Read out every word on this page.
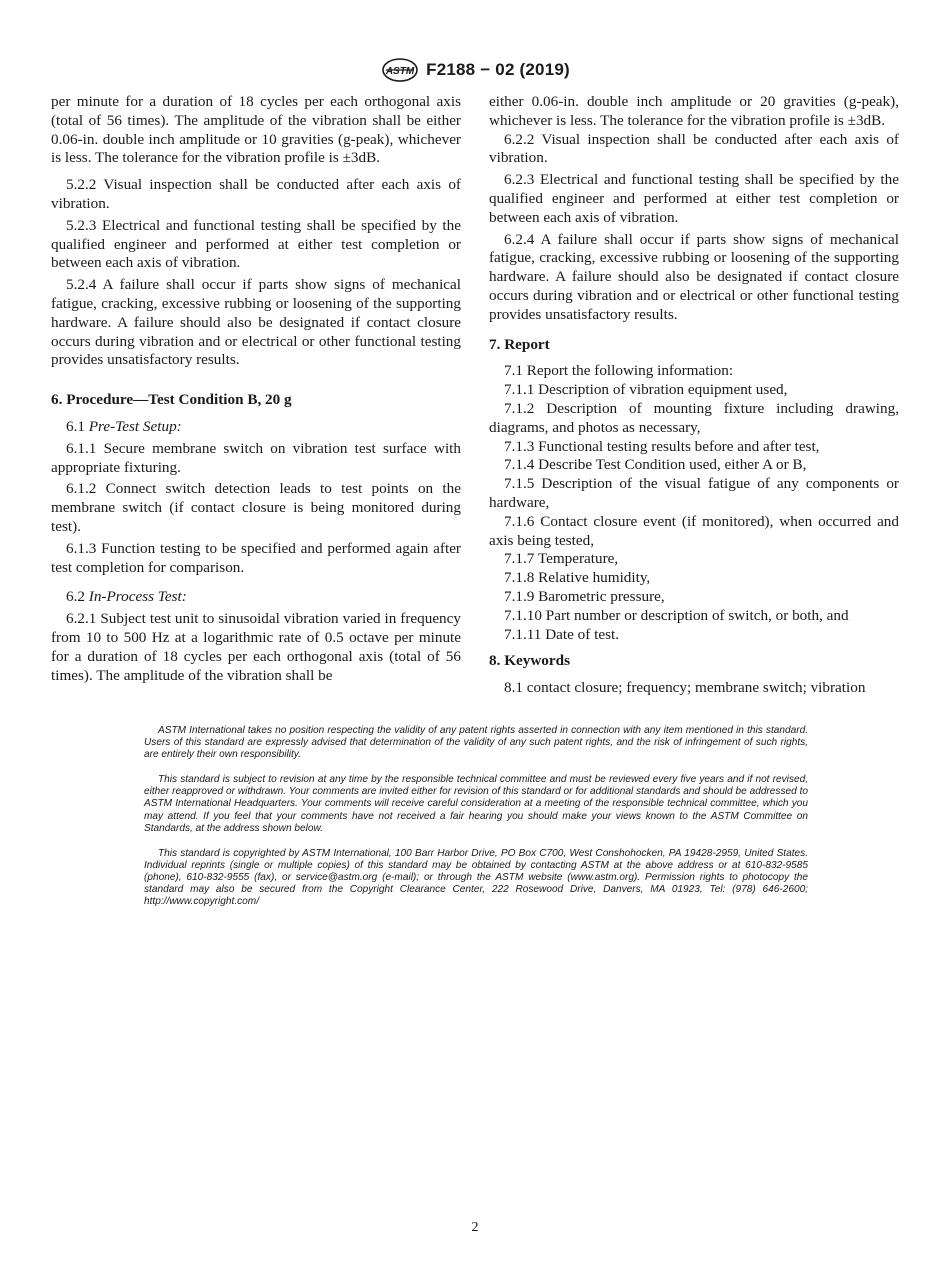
ASTM F2188 − 02 (2019)

per minute for a duration of 18 cycles per each orthogonal axis (total of 56 times). The amplitude of the vibration shall be either 0.06-in. double inch amplitude or 10 gravities (g-peak), whichever is less. The tolerance for the vibration profile is ±3dB.

5.2.2 Visual inspection shall be conducted after each axis of vibration.

5.2.3 Electrical and functional testing shall be specified by the qualified engineer and performed at either test completion or between each axis of vibration.

5.2.4 A failure shall occur if parts show signs of mechanical fatigue, cracking, excessive rubbing or loosening of the supporting hardware. A failure should also be designated if contact closure occurs during vibration and or electrical or other functional testing provides unsatisfactory results.

6. Procedure—Test Condition B, 20 g

6.1 Pre-Test Setup:

6.1.1 Secure membrane switch on vibration test surface with appropriate fixturing.

6.1.2 Connect switch detection leads to test points on the membrane switch (if contact closure is being monitored during test).

6.1.3 Function testing to be specified and performed again after test completion for comparison.

6.2 In-Process Test:

6.2.1 Subject test unit to sinusoidal vibration varied in frequency from 10 to 500 Hz at a logarithmic rate of 0.5 octave per minute for a duration of 18 cycles per each orthogonal axis (total of 56 times). The amplitude of the vibration shall be

either 0.06-in. double inch amplitude or 20 gravities (g-peak), whichever is less. The tolerance for the vibration profile is ±3dB.

6.2.2 Visual inspection shall be conducted after each axis of vibration.

6.2.3 Electrical and functional testing shall be specified by the qualified engineer and performed at either test completion or between each axis of vibration.

6.2.4 A failure shall occur if parts show signs of mechanical fatigue, cracking, excessive rubbing or loosening of the supporting hardware. A failure should also be designated if contact closure occurs during vibration and or electrical or other functional testing provides unsatisfactory results.

7. Report

7.1 Report the following information:

7.1.1 Description of vibration equipment used,

7.1.2 Description of mounting fixture including drawing, diagrams, and photos as necessary,

7.1.3 Functional testing results before and after test,

7.1.4 Describe Test Condition used, either A or B,

7.1.5 Description of the visual fatigue of any components or hardware,

7.1.6 Contact closure event (if monitored), when occurred and axis being tested,

7.1.7 Temperature,

7.1.8 Relative humidity,

7.1.9 Barometric pressure,

7.1.10 Part number or description of switch, or both, and

7.1.11 Date of test.

8. Keywords

8.1 contact closure; frequency; membrane switch; vibration

ASTM International takes no position respecting the validity of any patent rights asserted in connection with any item mentioned in this standard. Users of this standard are expressly advised that determination of the validity of any such patent rights, and the risk of infringement of such rights, are entirely their own responsibility.

This standard is subject to revision at any time by the responsible technical committee and must be reviewed every five years and if not revised, either reapproved or withdrawn. Your comments are invited either for revision of this standard or for additional standards and should be addressed to ASTM International Headquarters. Your comments will receive careful consideration at a meeting of the responsible technical committee, which you may attend. If you feel that your comments have not received a fair hearing you should make your views known to the ASTM Committee on Standards, at the address shown below.

This standard is copyrighted by ASTM International, 100 Barr Harbor Drive, PO Box C700, West Conshohocken, PA 19428-2959, United States. Individual reprints (single or multiple copies) of this standard may be obtained by contacting ASTM at the above address or at 610-832-9585 (phone), 610-832-9555 (fax), or service@astm.org (e-mail); or through the ASTM website (www.astm.org). Permission rights to photocopy the standard may also be secured from the Copyright Clearance Center, 222 Rosewood Drive, Danvers, MA 01923, Tel: (978) 646-2600; http://www.copyright.com/

2
